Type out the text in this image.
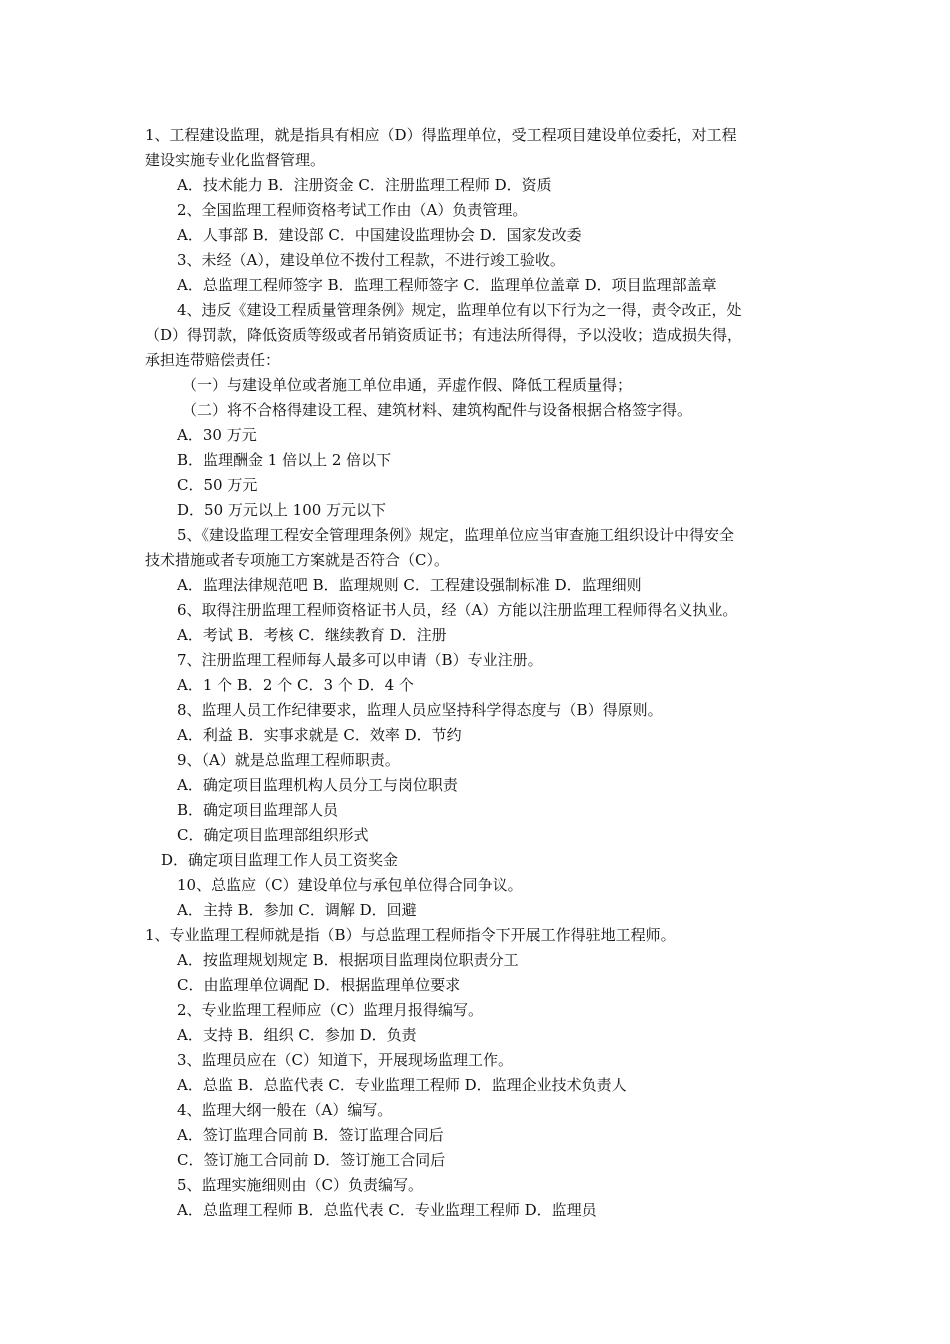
1、工程建设监理，就是指具有相应（D）得监理单位，受工程项目建设单位委托，对工程
建设实施专业化监督管理。
A．技术能力 B．注册资金 C．注册监理工程师 D．资质
2、全国监理工程师资格考试工作由（A）负责管理。
A．人事部 B．建设部 C．中国建设监理协会 D．国家发改委
3、未经（A），建设单位不拨付工程款，不进行竣工验收。
A．总监理工程师签字 B．监理工程师签字 C．监理单位盖章 D．项目监理部盖章
4、违反《建设工程质量管理条例》规定，监理单位有以下行为之一得，责令改正，处
（D）得罚款，降低资质等级或者吊销资质证书；有违法所得得，予以没收；造成损失得，
承担连带赔偿责任：
（一）与建设单位或者施工单位串通，弄虚作假、降低工程质量得；
（二）将不合格得建设工程、建筑材料、建筑构配件与设备根据合格签字得。
A．30 万元
B．监理酬金 1 倍以上 2 倍以下
C．50 万元
D．50 万元以上 100 万元以下
5、《建设监理工程安全管理理条例》规定，监理单位应当审查施工组织设计中得安全
技术措施或者专项施工方案就是否符合（C）。
A．监理法律规范吧 B．监理规则 C．工程建设强制标准 D．监理细则
6、取得注册监理工程师资格证书人员，经（A）方能以注册监理工程师得名义执业。
A．考试 B．考核 C．继续教育 D．注册
7、注册监理工程师每人最多可以申请（B）专业注册。
A．1 个 B．2 个 C．3 个 D．4 个
8、监理人员工作纪律要求，监理人员应坚持科学得态度与（B）得原则。
A．利益 B．实事求就是 C．效率 D．节约
9、（A）就是总监理工程师职责。
A．确定项目监理机构人员分工与岗位职责
B．确定项目监理部人员
C．确定项目监理部组织形式
D．确定项目监理工作人员工资奖金
10、总监应（C）建设单位与承包单位得合同争议。
A．主持 B．参加 C．调解 D．回避
1、专业监理工程师就是指（B）与总监理工程师指令下开展工作得驻地工程师。
A．按监理规划规定 B．根据项目监理岗位职责分工
C．由监理单位调配 D．根据监理单位要求
2、专业监理工程师应（C）监理月报得编写。
A．支持 B．组织 C．参加 D．负责
3、监理员应在（C）知道下，开展现场监理工作。
A．总监 B．总监代表 C．专业监理工程师 D．监理企业技术负责人
4、监理大纲一般在（A）编写。
A．签订监理合同前 B．签订监理合同后
C．签订施工合同前 D．签订施工合同后
5、监理实施细则由（C）负责编写。
A．总监理工程师 B．总监代表 C．专业监理工程师 D．监理员
